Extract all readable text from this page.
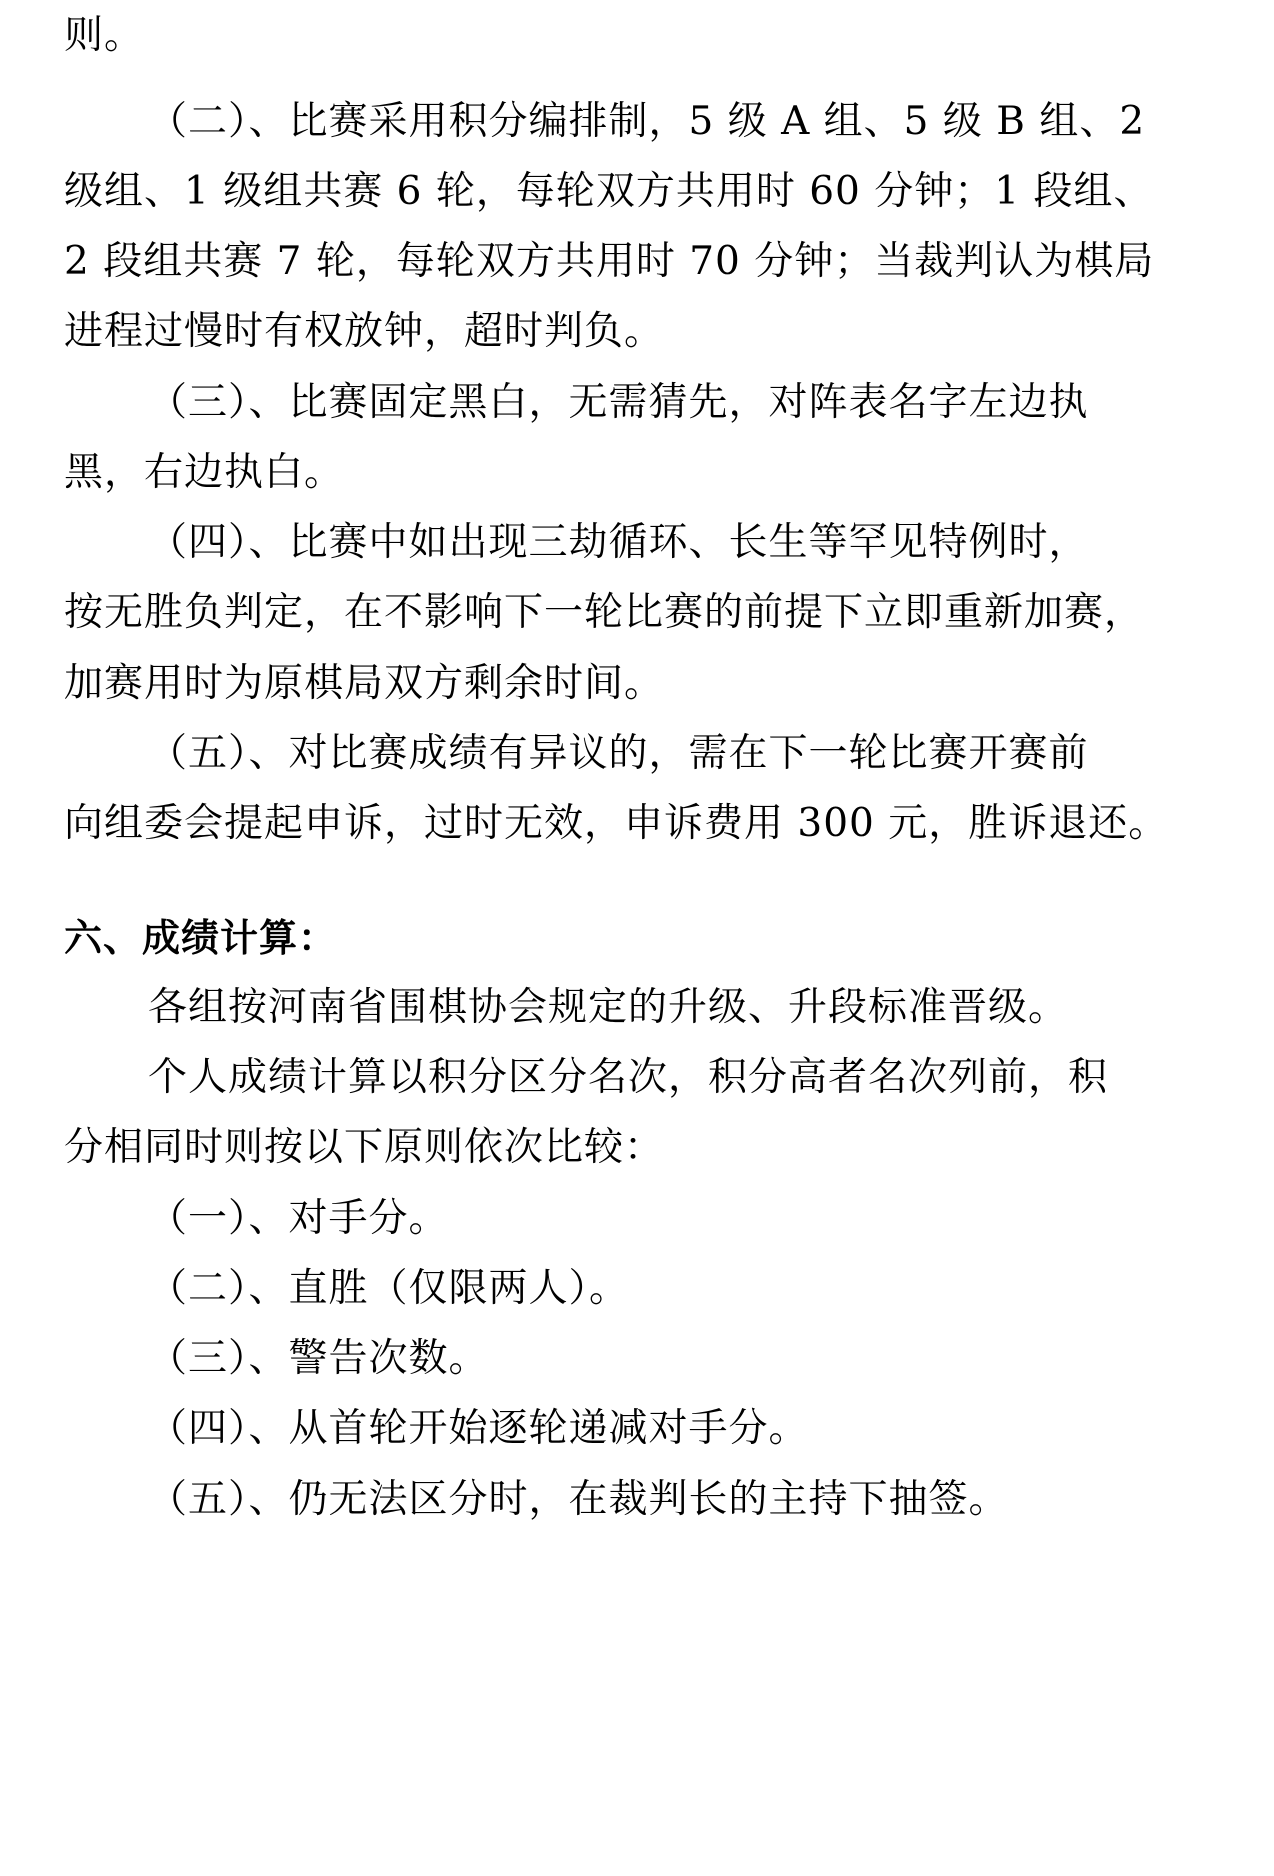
则。
（二）、比赛采用积分编排制，5 级 A 组、5 级 B 组、2
级组、1 级组共赛 6 轮，每轮双方共用时 60 分钟；1 段组、
2 段组共赛 7 轮，每轮双方共用时 70 分钟；当裁判认为棋局
进程过慢时有权放钟，超时判负。
（三）、比赛固定黑白，无需猜先，对阵表名字左边执
黑，右边执白。
（四）、比赛中如出现三劫循环、长生等罕见特例时，
按无胜负判定，在不影响下一轮比赛的前提下立即重新加赛，
加赛用时为原棋局双方剩余时间。
（五）、对比赛成绩有异议的，需在下一轮比赛开赛前
向组委会提起申诉，过时无效，申诉费用 300 元，胜诉退还。
六、成绩计算：
各组按河南省围棋协会规定的升级、升段标准晋级。
个人成绩计算以积分区分名次，积分高者名次列前，积
分相同时则按以下原则依次比较：
（一）、对手分。
（二）、直胜（仅限两人）。
（三）、警告次数。
（四）、从首轮开始逐轮递减对手分。
（五）、仍无法区分时，在裁判长的主持下抽签。
